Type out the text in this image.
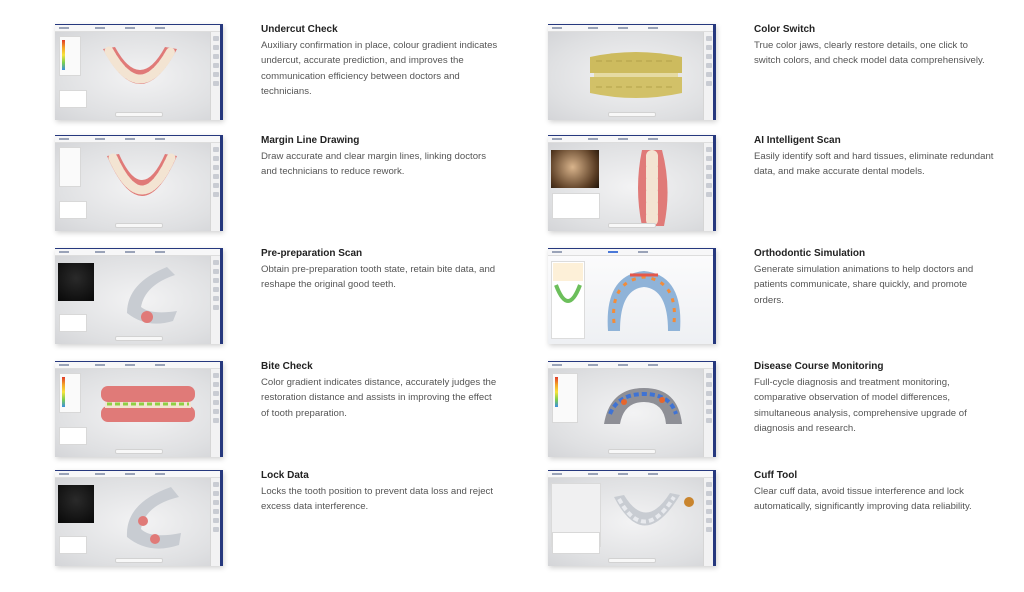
Undercut Check
Auxiliary confirmation in place, colour gradient indicates undercut, accurate prediction, and improves the communication efficiency between doctors and technicians.
Margin Line Drawing
Draw accurate and clear margin lines, linking doctors and technicians to reduce rework.
Pre-preparation Scan
Obtain pre-preparation tooth state, retain bite data, and reshape the original good teeth.
Bite Check
Color gradient indicates distance, accurately judges the restoration distance and assists in improving the effect of tooth preparation.
Lock Data
Locks the tooth position to prevent data loss and reject excess data interference.
Color Switch
True color jaws, clearly restore details, one click to switch colors, and check model data comprehensively.
AI Intelligent Scan
Easily identify soft and hard tissues, eliminate redundant data, and make accurate dental models.
Orthodontic Simulation
Generate simulation animations to help doctors and patients communicate, share quickly, and promote orders.
Disease Course Monitoring
Full-cycle diagnosis and treatment monitoring, comparative observation of model differences, simultaneous analysis, comprehensive upgrade of diagnosis and research.
Cuff Tool
Clear cuff data, avoid tissue interference and lock automatically, significantly improving data reliability.
